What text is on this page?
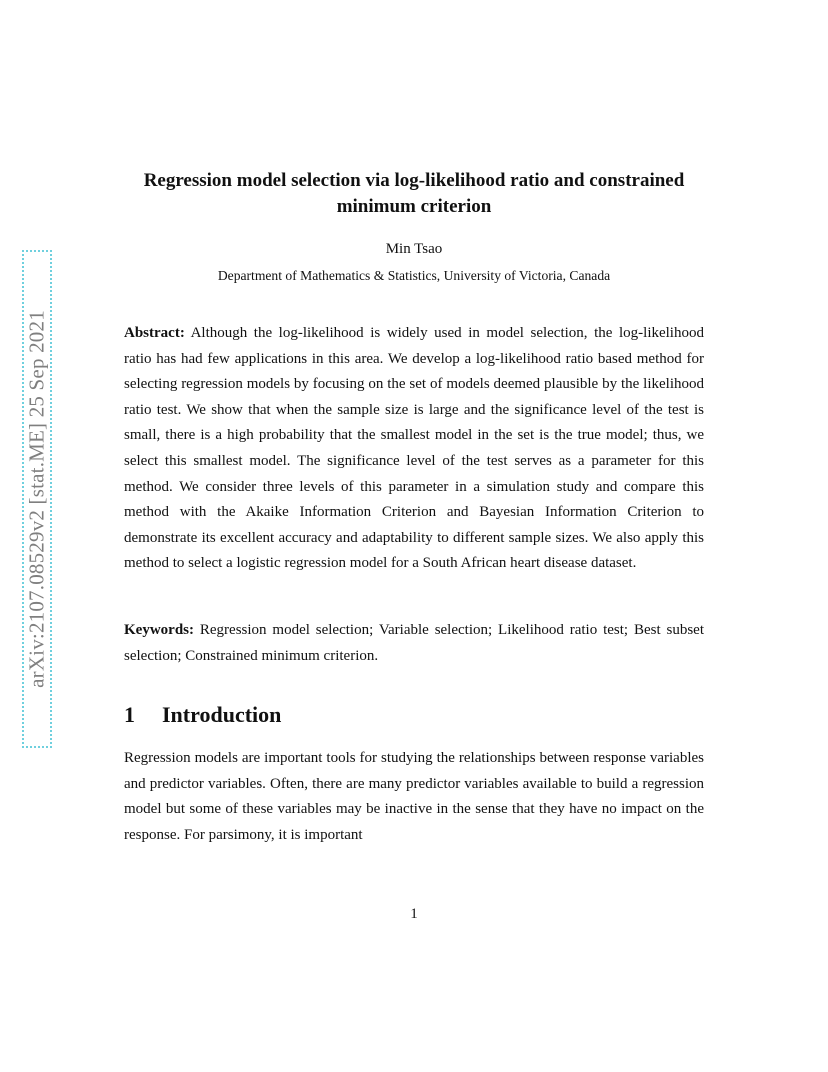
arXiv:2107.08529v2 [stat.ME] 25 Sep 2021
Regression model selection via log-likelihood ratio and constrained minimum criterion
Min Tsao
Department of Mathematics & Statistics, University of Victoria, Canada
Abstract: Although the log-likelihood is widely used in model selection, the log-likelihood ratio has had few applications in this area. We develop a log-likelihood ratio based method for selecting regression models by focusing on the set of models deemed plausible by the likelihood ratio test. We show that when the sample size is large and the significance level of the test is small, there is a high probability that the smallest model in the set is the true model; thus, we select this smallest model. The significance level of the test serves as a parameter for this method. We consider three levels of this parameter in a simulation study and compare this method with the Akaike Information Criterion and Bayesian Information Criterion to demonstrate its excellent accuracy and adaptability to different sample sizes. We also apply this method to select a logistic regression model for a South African heart disease dataset.
Keywords: Regression model selection; Variable selection; Likelihood ratio test; Best subset selection; Constrained minimum criterion.
1 Introduction
Regression models are important tools for studying the relationships between response variables and predictor variables. Often, there are many predictor variables available to build a regression model but some of these variables may be inactive in the sense that they have no impact on the response. For parsimony, it is important
1
